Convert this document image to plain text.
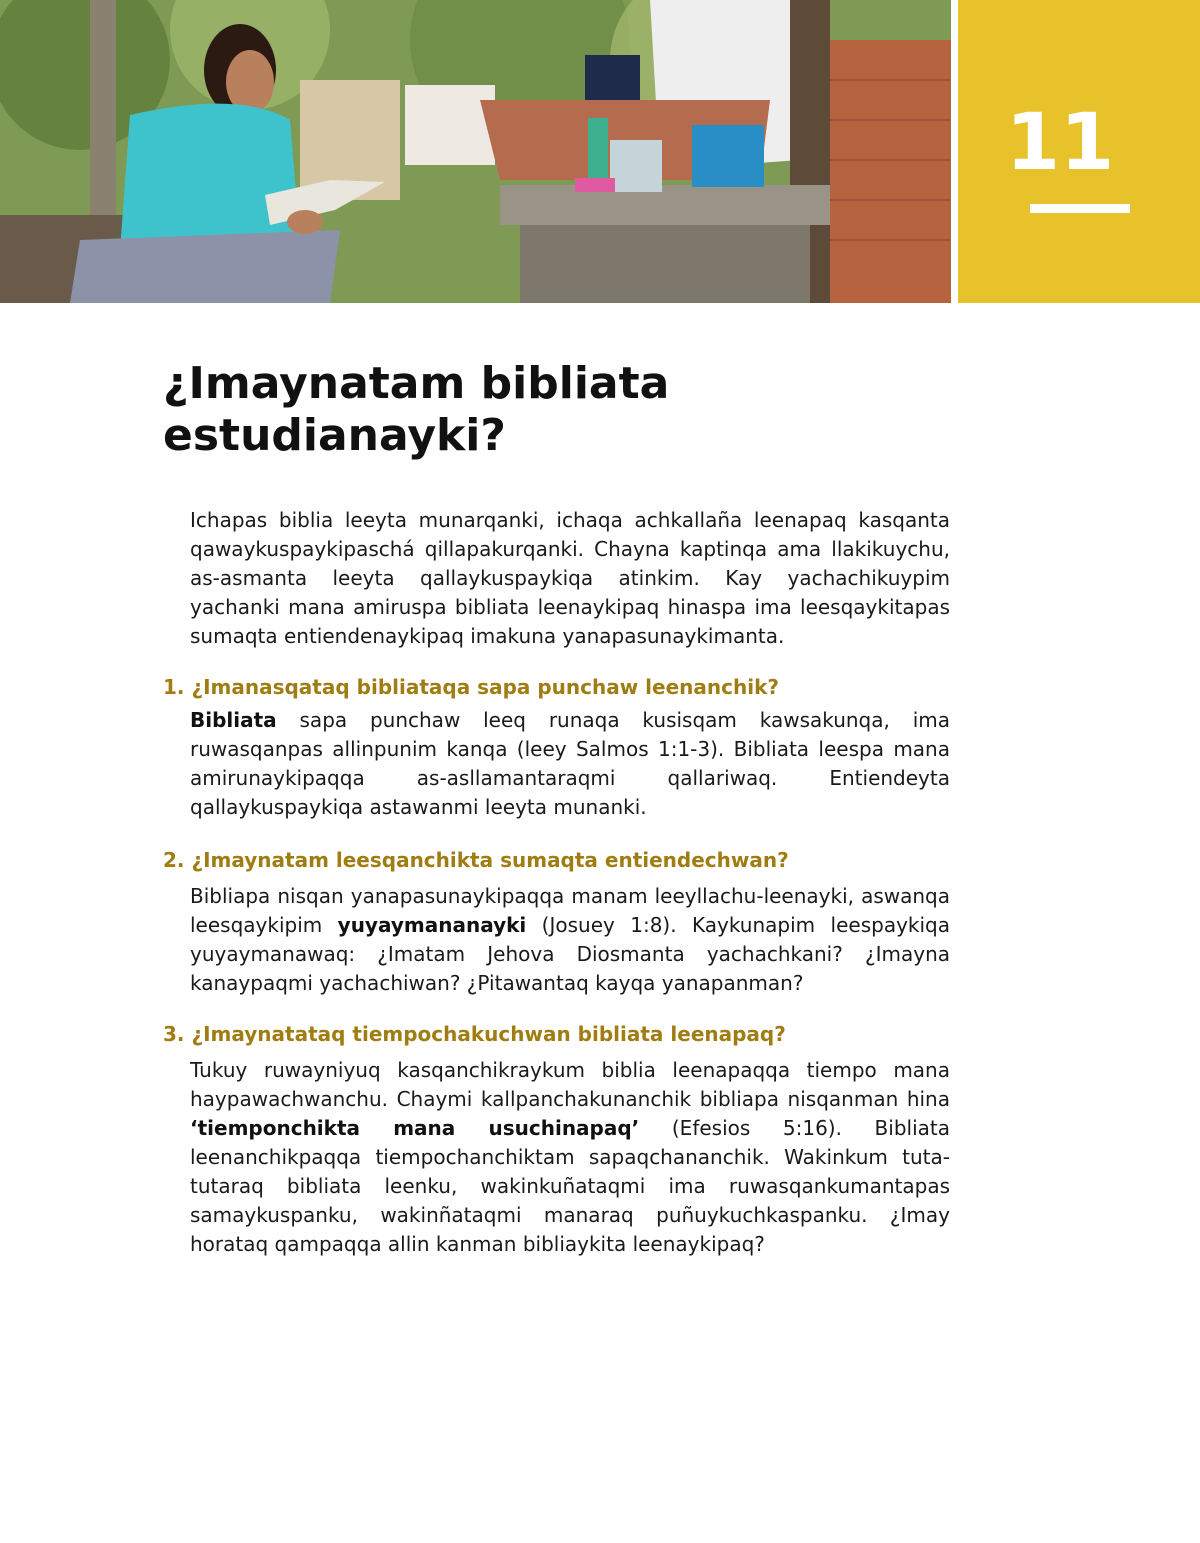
11
¿Imaynatam bibliata
estudianayki?

Ichapas biblia leeyta munarqanki, ichaqa achkallaña leenapaq kasqanta qawaykuspaykipaschá qillapakurqanki. Chayna kaptinqa ama llakikuychu, as-asmanta leeyta qallaykuspaykiqa atinkim. Kay yachachikuypim yachanki mana amiruspa bibliata leenaykipaq hinaspa ima leesqaykitapas sumaqta entiendenaykipaq imakuna yanapasunaykimanta.

1. ¿Imanasqataq bibliataqa sapa punchaw leenanchik?

Bibliata sapa punchaw leeq runaqa kusisqam kawsakunqa, ima ruwasqanpas allinpunim kanqa (leey Salmos 1:1-3). Bibliata leespa mana amirunaykipaqqa as-asllamantaraqmi qallariwaq. Entiendeyta qallaykuspaykiqa astawanmi leeyta munanki.

2. ¿Imaynatam leesqanchikta sumaqta entiendechwan?

Bibliapa nisqan yanapasunaykipaqqa manam leeyllachu-leenayki, aswanqa leesqaykipim yuyaymananayki (Josuey 1:8). Kaykunapim leespaykiqa yuyaymanawaq: ¿Imatam Jehova Diosmanta yachachkani? ¿Imayna kanaypaqmi yachachiwan? ¿Pitawantaq kayqa yanapanman?

3. ¿Imaynatataq tiempochakuchwan bibliata leenapaq?

Tukuy ruwayniyuq kasqanchikraykum biblia leenapaqqa tiempo mana haypawachwanchu. Chaymi kallpanchakunanchik bibliapa nisqanman hina ‘tiemponchikta mana usuchinapaq’ (Efesios 5:16). Bibliata leenanchikpaqqa tiempochanchiktam sapaqchananchik. Wakinkum tuta-tutaraq bibliata leenku, wakinkuñataqmi ima ruwasqankumantapas samaykuspanku, wakinñataqmi manaraq puñuykuchkaspanku. ¿Imay horataq qampaqqa allin kanman bibliaykita leenaykipaq?
